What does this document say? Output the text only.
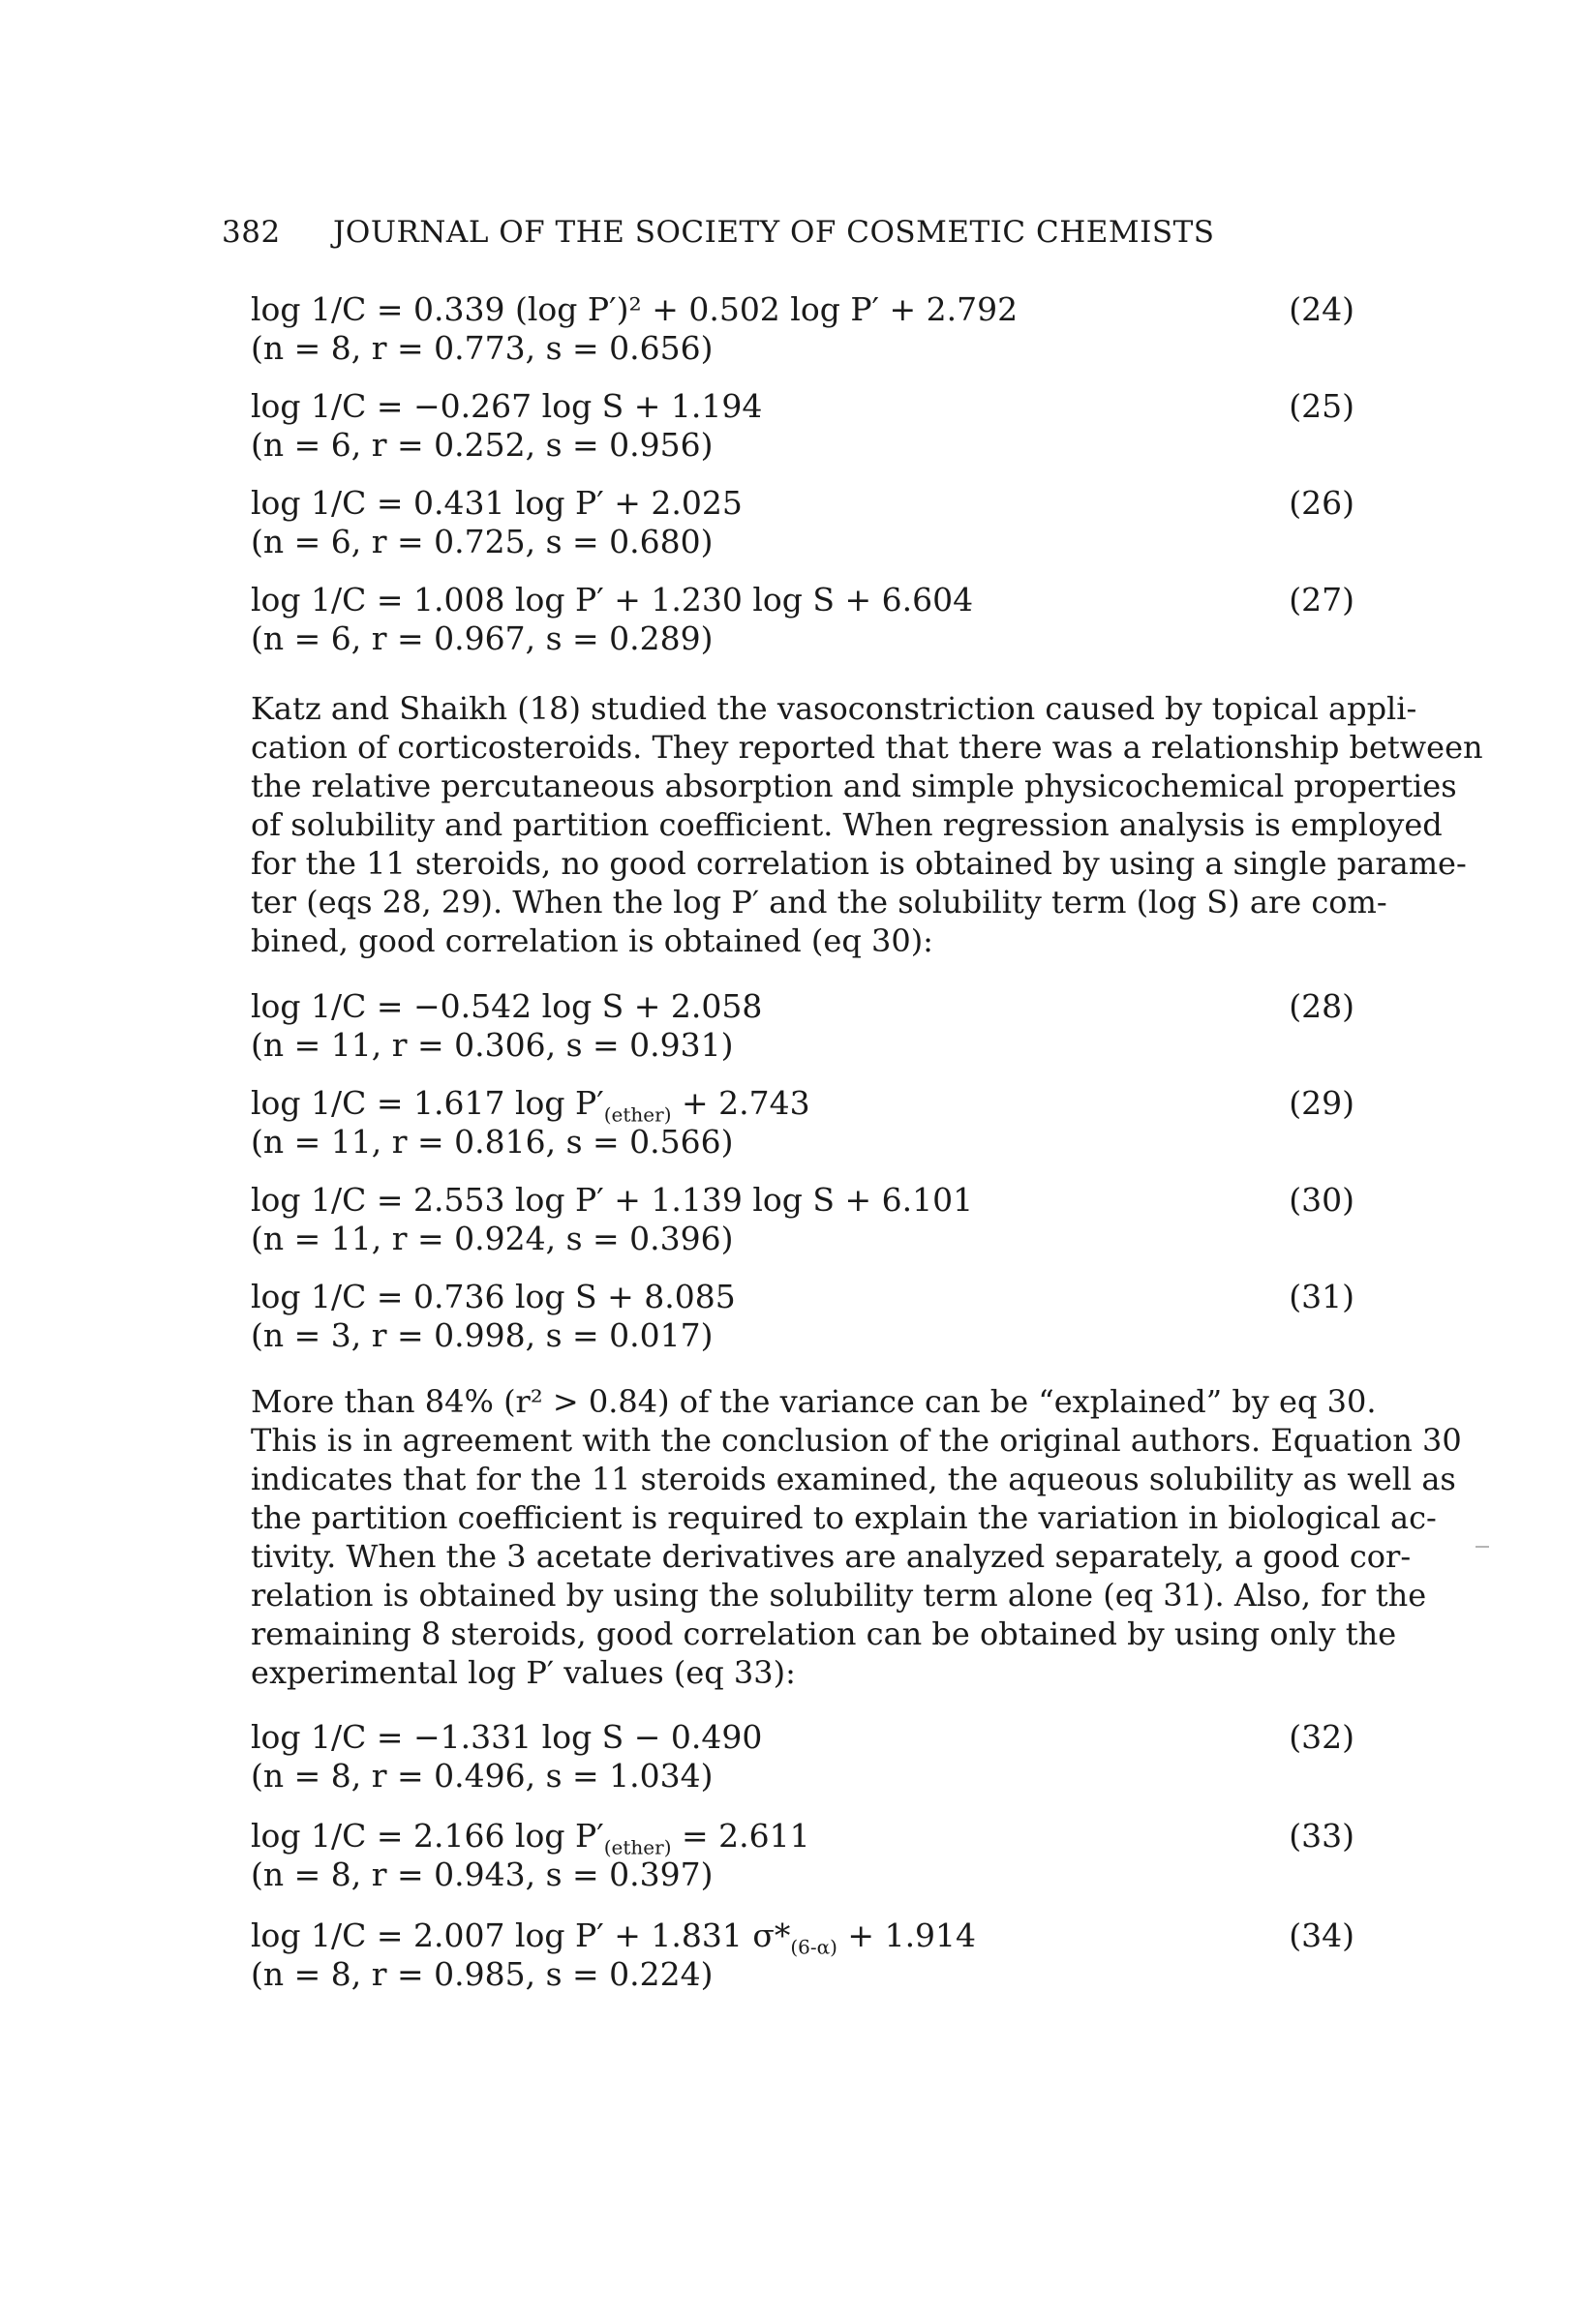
382 JOURNAL OF THE SOCIETY OF COSMETIC CHEMISTS
log 1/C = 0.339 (log P′)² + 0.502 log P′ + 2.792	(24)
(n = 8, r = 0.773, s = 0.656)
log 1/C = −0.267 log S + 1.194	(25)
(n = 6, r = 0.252, s = 0.956)
log 1/C = 0.431 log P′ + 2.025	(26)
(n = 6, r = 0.725, s = 0.680)
log 1/C = 1.008 log P′ + 1.230 log S + 6.604	(27)
(n = 6, r = 0.967, s = 0.289)
Katz and Shaikh (18) studied the vasoconstriction caused by topical appli-
cation of corticosteroids. They reported that there was a relationship between
the relative percutaneous absorption and simple physicochemical properties
of solubility and partition coefficient. When regression analysis is employed
for the 11 steroids, no good correlation is obtained by using a single parame-
ter (eqs 28, 29). When the log P′ and the solubility term (log S) are com-
bined, good correlation is obtained (eq 30):
log 1/C = −0.542 log S + 2.058	(28)
(n = 11, r = 0.306, s = 0.931)
log 1/C = 1.617 $\log P'_{(ether)} + 2.743$	(29)
(n = 11, r = 0.816, s = 0.566)
log 1/C = 2.553 log P′ + 1.139 log S + 6.101	(30)
(n = 11, r = 0.924, s = 0.396)
log 1/C = 0.736 log S + 8.085	(31)
(n = 3, r = 0.998, s = 0.017)
More than 84% (r² > 0.84) of the variance can be “explained” by eq 30.
This is in agreement with the conclusion of the original authors. Equation 30
indicates that for the 11 steroids examined, the aqueous solubility as well as
the partition coefficient is required to explain the variation in biological ac-
tivity. When the 3 acetate derivatives are analyzed separately, a good cor-
relation is obtained by using the solubility term alone (eq 31). Also, for the
remaining 8 steroids, good correlation can be obtained by using only the
experimental log P′ values (eq 33):
log 1/C = −1.331 log S − 0.490	(32)
(n = 8, r = 0.496, s = 1.034)
log 1/C = 2.166 $\log P'_{(ether)} = 2.611$	(33)
(n = 8, r = 0.943, s = 0.397)
log 1/C = 2.007 log P′ + 1.831 $\sigma*_{(6-\alpha)} + 1.914$	(34)
(n = 8, r = 0.985, s = 0.224)
